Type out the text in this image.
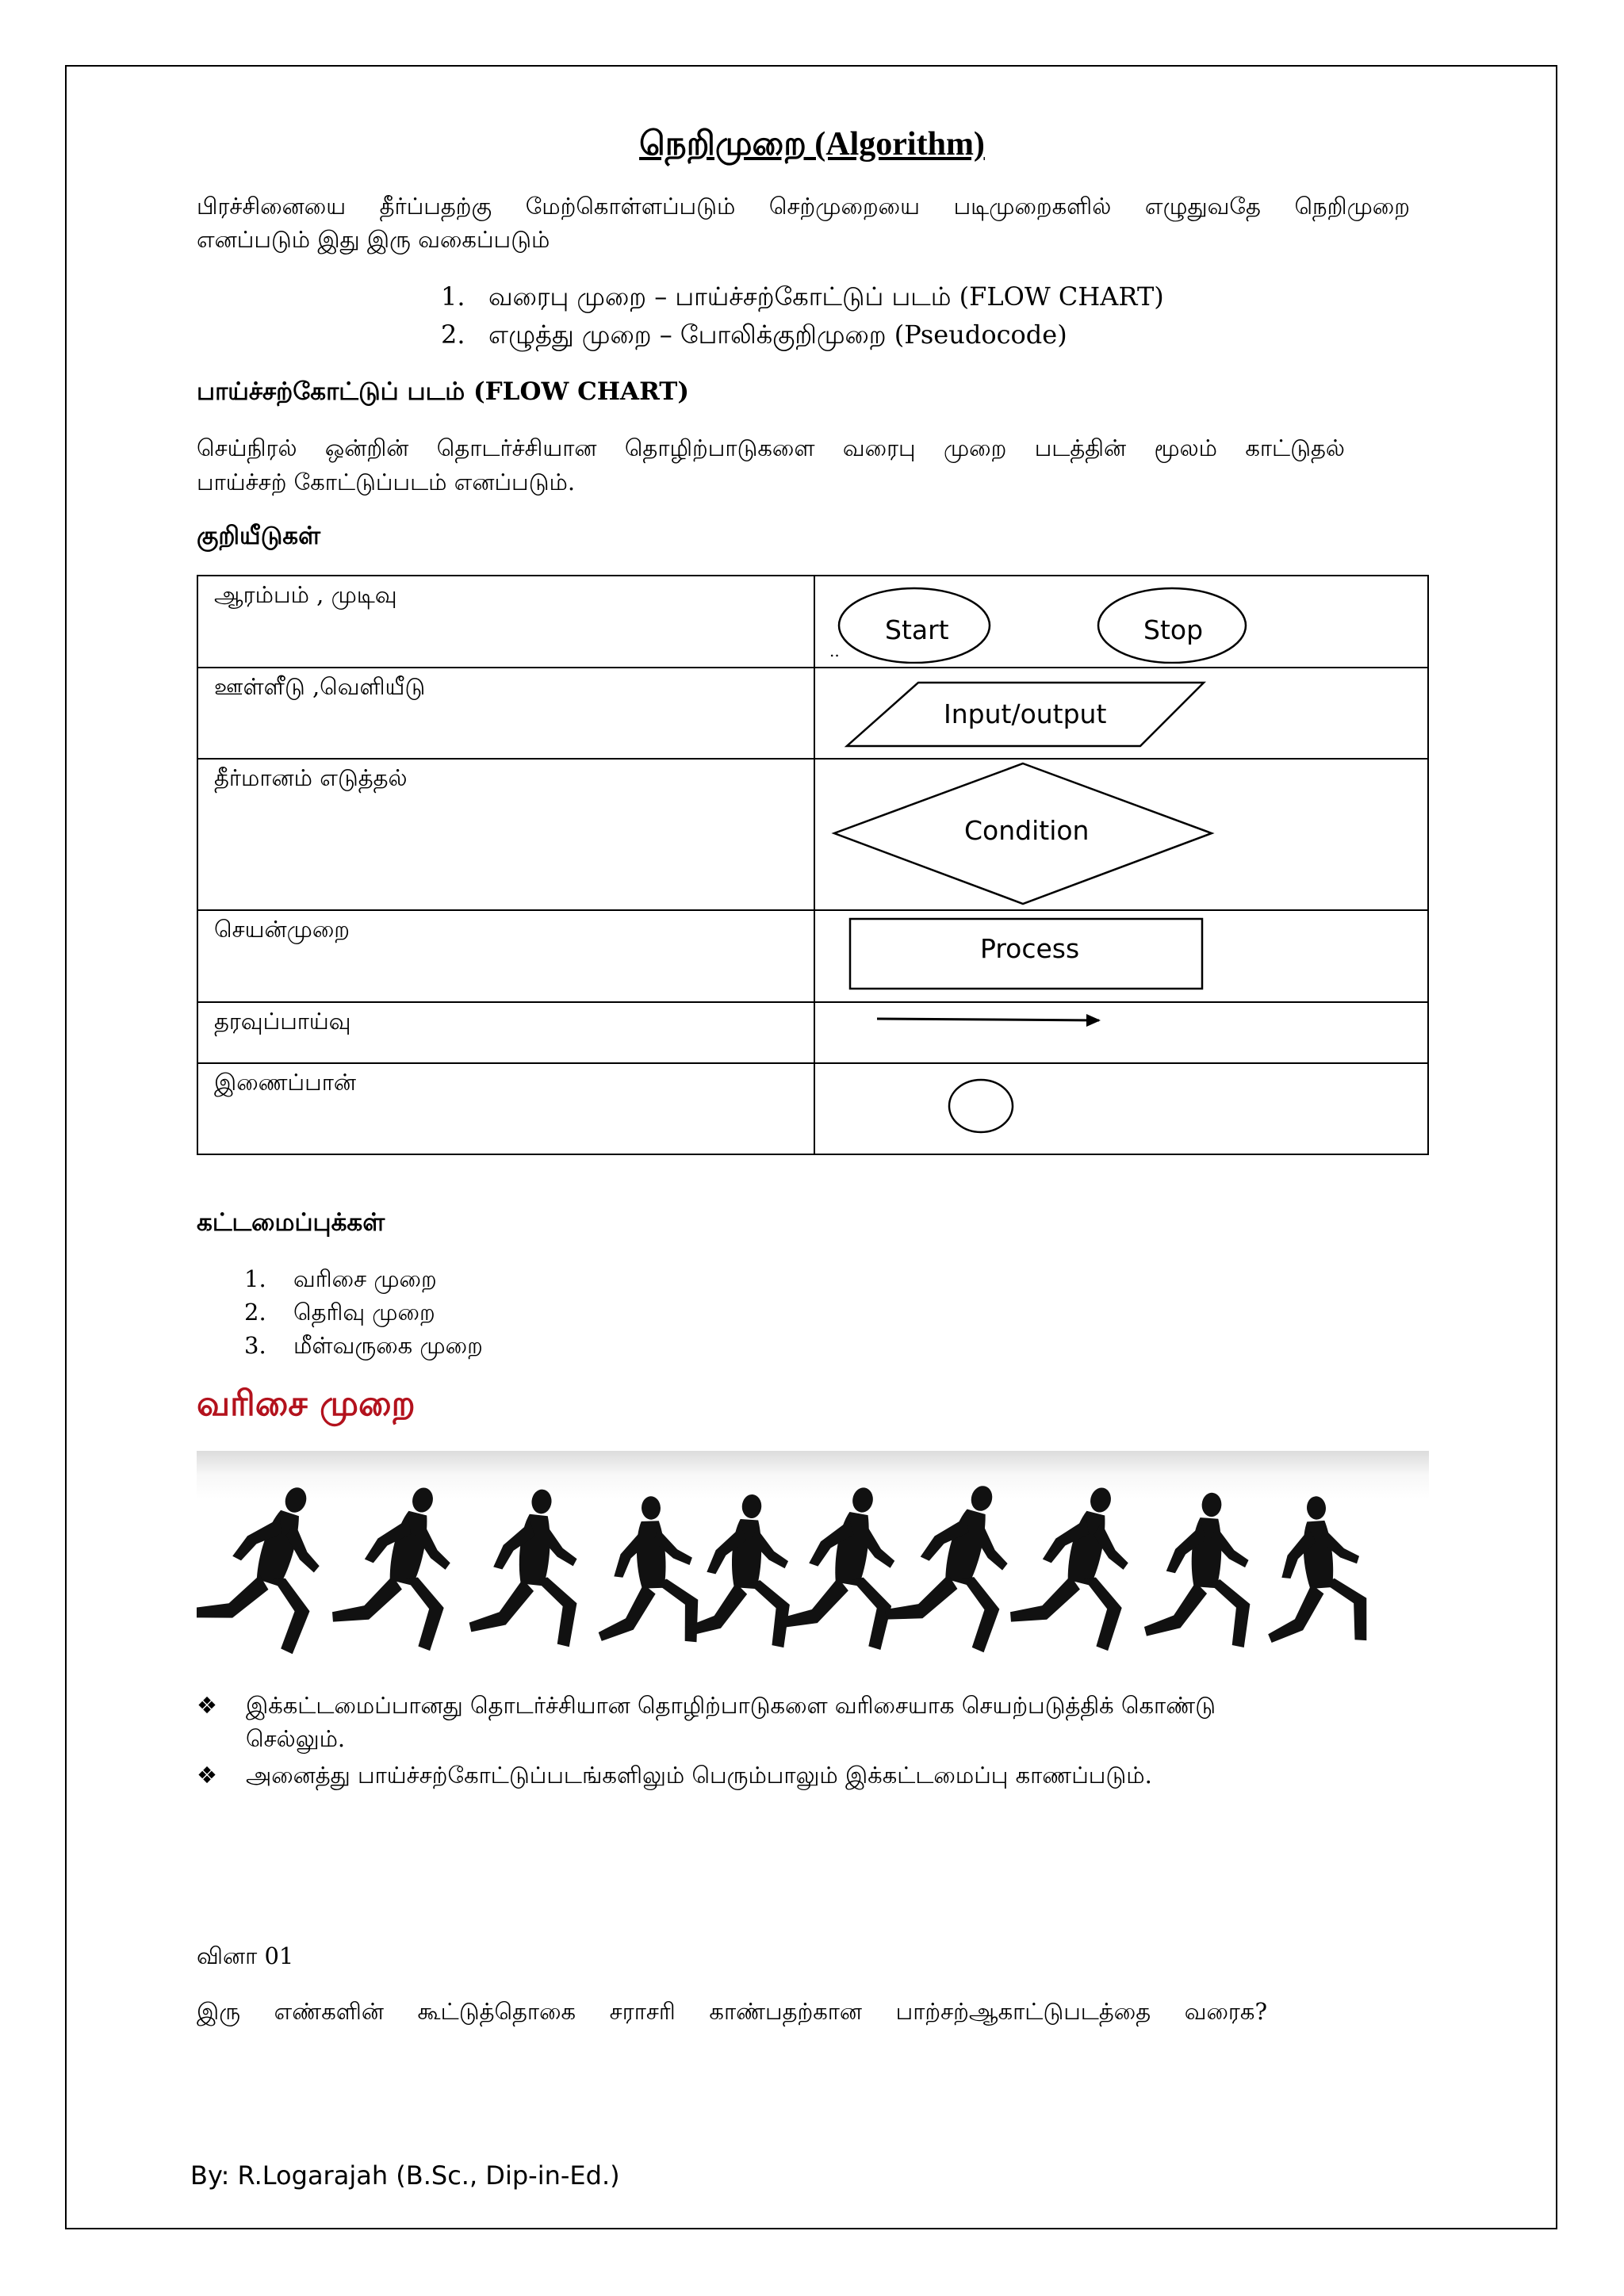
நெறிமுறை (Algorithm)
பிரச்சினையை தீர்ப்பதற்கு மேற்கொள்ளப்படும் செற்முறையை படிமுறைகளில் எழுதுவதே நெறிமுறை
எனப்படும் இது இரு வகைப்படும்
1. வரைபு முறை – பாய்ச்சற்கோட்டுப் படம் (FLOW CHART)
2. எழுத்து முறை – போலிக்குறிமுறை (Pseudocode)
பாய்ச்சற்கோட்டுப் படம் (FLOW CHART)
செய்நிரல் ஒன்றின் தொடர்ச்சியான தொழிற்பாடுகளை வரைபு முறை படத்தின் மூலம் காட்டுதல்
பாய்ச்சற் கோட்டுப்படம் எனப்படும்.
குறியீடுகள்
ஆரம்பம் , முடிவு	Start Stop
..

ஊள்ளீடு ,வெளியீடு	Input/output

தீர்மானம் எடுத்தல்	Condition

செயன்முறை	Process

தரவுப்பாய்வு	

இணைப்பான்	
கட்டமைப்புக்கள்
1. வரிசை முறை
2. தெரிவு முறை
3. மீள்வருகை முறை
வரிசை முறை
❖ இக்கட்டமைப்பானது தொடர்ச்சியான தொழிற்பாடுகளை வரிசையாக செயற்படுத்திக் கொண்டு
செல்லும்.
❖ அனைத்து பாய்ச்சற்கோட்டுப்படங்களிலும் பெரும்பாலும் இக்கட்டமைப்பு காணப்படும்.
வினா 01
இரு எண்களின் கூட்டுத்தொகை சராசரி காண்பதற்கான பாற்சற்ஆகாட்டுபடத்தை வரைக?
By: R.Logarajah (B.Sc., Dip-in-Ed.)
